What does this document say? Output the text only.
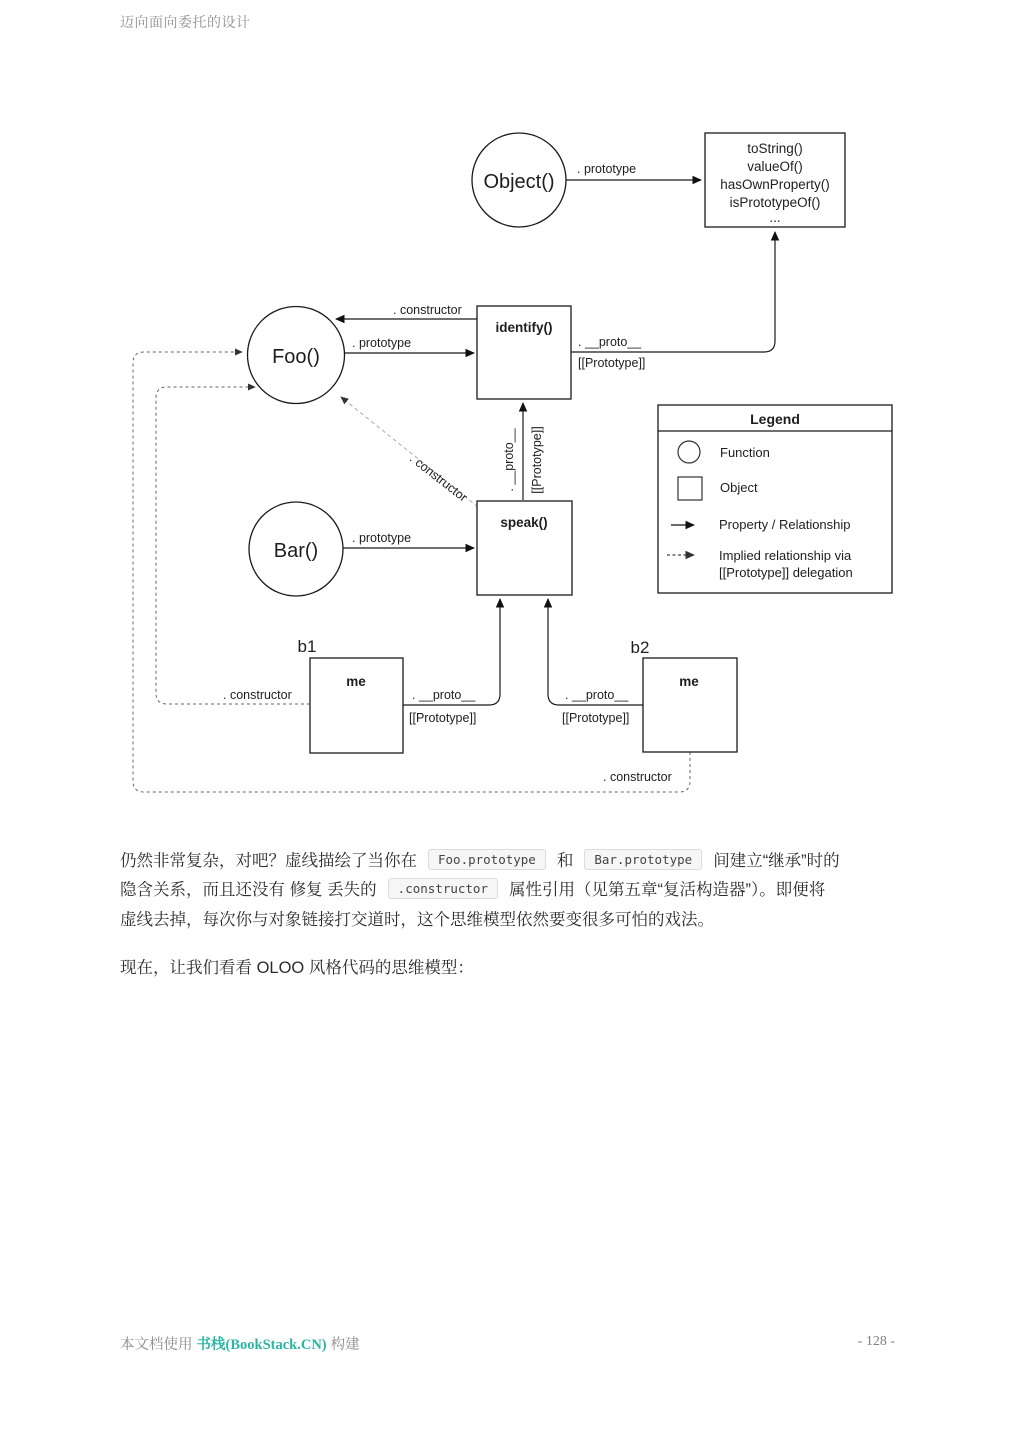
迈向面向委托的设计
Object()
toString()
valueOf()
hasOwnProperty()
isPrototypeOf()
...
Foo()
identify()
Bar()
speak()
b1
me
b2
me
. prototype
. constructor
. prototype	. __proto__
[[Prototype]]
. __proto__ [[Prototype]]
. constructor
. prototype
. constructor	. __proto__
[[Prototype]]
. __proto__
[[Prototype]]
. constructor
Legend
Function
Object
Property / Relationship
Implied relationship via
[[Prototype]] delegation

仍然非常复杂，对吧？虚线描绘了当你在 Foo.prototype 和 Bar.prototype 间建立“继承”时的
隐含关系，而且还没有 修复 丢失的 .constructor 属性引用（见第五章“复活构造器”）。即便将
虚线去掉，每次你与对象链接打交道时，这个思维模型依然要变很多可怕的戏法。

现在，让我们看看 OLOO 风格代码的思维模型：

本文档使用 书栈(BookStack.CN) 构建	- 128 -
